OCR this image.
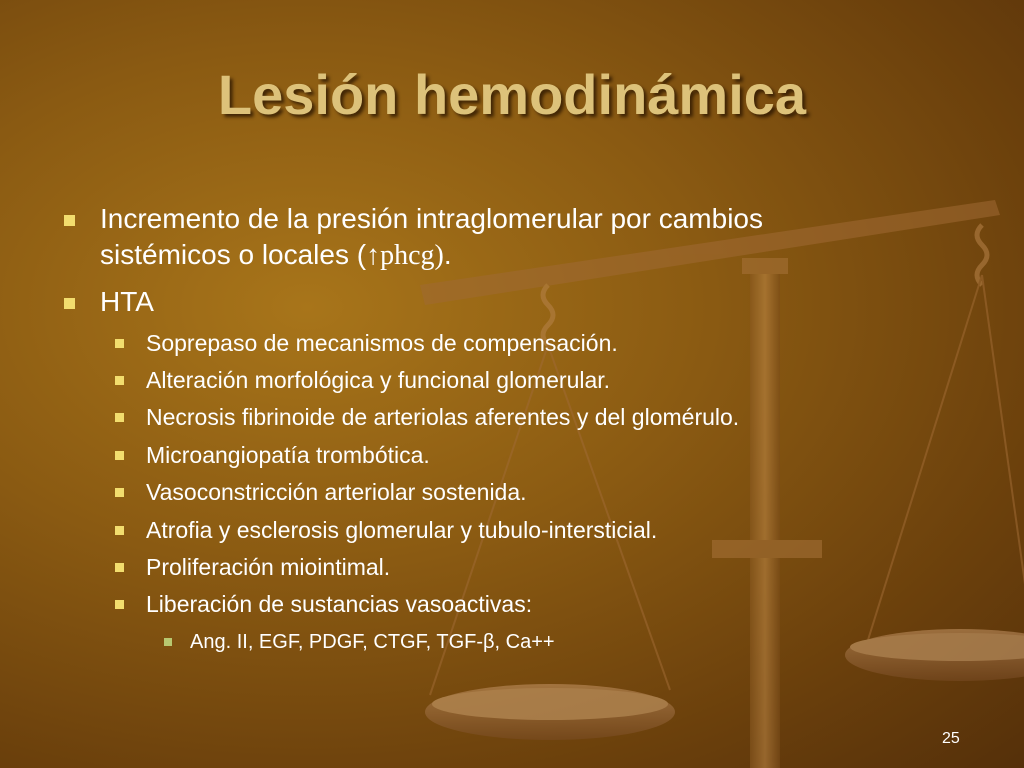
Lesión hemodinámica
Incremento de la presión intraglomerular por cambios
sistémicos o locales (↑phcg).
HTA
Soprepaso de mecanismos de compensación.
Alteración morfológica y funcional glomerular.
Necrosis fibrinoide de arteriolas aferentes y del glomérulo.
Microangiopatía trombótica.
Vasoconstricción arteriolar sostenida.
Atrofia y esclerosis glomerular y tubulo-intersticial.
Proliferación miointimal.
Liberación de sustancias vasoactivas:
Ang. II, EGF, PDGF, CTGF, TGF-β, Ca++
25
